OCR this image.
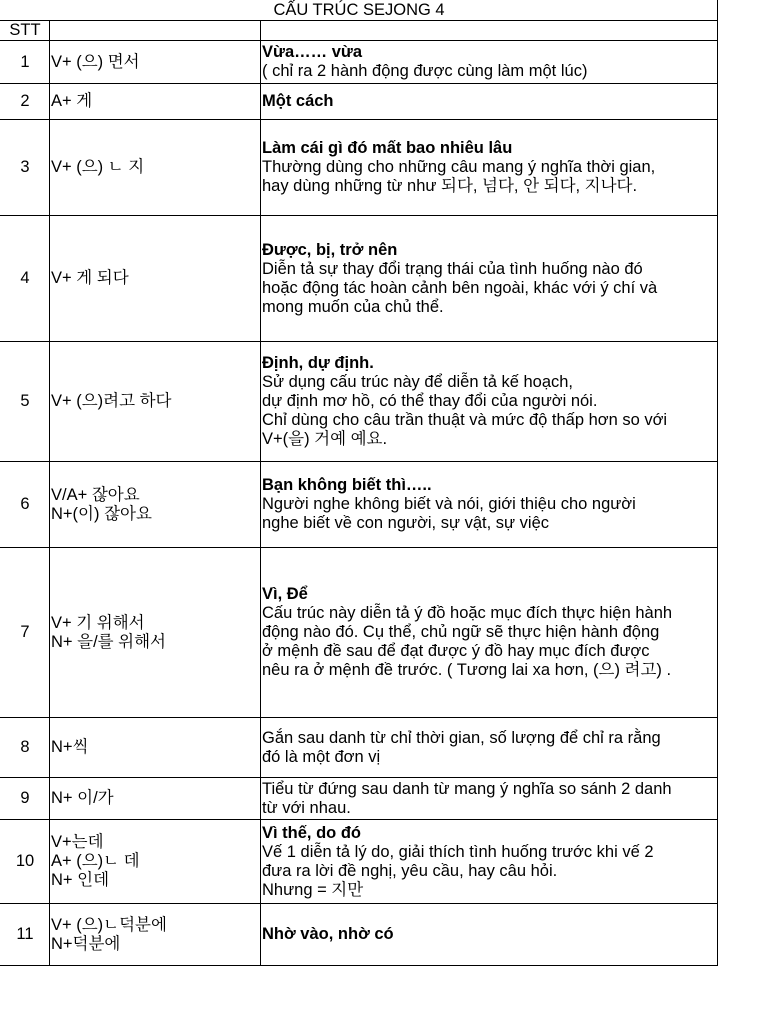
CẤU TRÚC SEJONG 4		
STT		
1	V+ (으) 면서	Vừa…… vừa
( chỉ ra 2 hành động được cùng làm một lúc)

2	A+ 게	Một cách

3	V+ (으) ㄴ 지	Làm cái gì đó mất bao nhiêu lâu
Thường dùng cho những câu mang ý nghĩa thời gian,
hay dùng những từ như 되다, 넘다, 안 되다, 지나다.

4	V+ 게 되다	Được, bị, trở nên
Diễn tả sự thay đổi trạng thái của tình huống nào đó
hoặc động tác hoàn cảnh bên ngoài, khác với ý chí và
mong muốn của chủ thể.

5	V+ (으)려고 하다	Định, dự định.
Sử dụng cấu trúc này để diễn tả kế hoạch,
dự định mơ hồ, có thể thay đổi của người nói.
Chỉ dùng cho câu trần thuật và mức độ thấp hơn so với
V+(을) 거예 예요.

6	V/A+ 잖아요
N+(이) 잖아요	Bạn không biết thì…..
Người nghe không biết và nói, giới thiệu cho người
nghe biết về con người, sự vật, sự việc

7	V+ 기 위해서
N+ 을/를 위해서	Vì, Để
Cấu trúc này diễn tả ý đồ hoặc mục đích thực hiện hành
động nào đó. Cụ thể, chủ ngữ sẽ thực hiện hành động
ở mệnh đề sau để đạt được ý đồ hay mục đích được
nêu ra ở mệnh đề trước. ( Tương lai xa hơn, (으) 려고) .

8	N+씩	Gắn sau danh từ chỉ thời gian, số lượng để chỉ ra rằng
đó là một đơn vị

9	N+ 이/가	Tiểu từ đứng sau danh từ mang ý nghĩa so sánh 2 danh
từ với nhau.

10	V+는데
A+ (으)ㄴ 데
N+ 인데	Vì thế, do đó
Vế 1 diễn tả lý do, giải thích tình huống trước khi vế 2
đưa ra lời đề nghị, yêu cầu, hay câu hỏi.
Nhưng = 지만

11	V+ (으)ㄴ덕분에
N+덕분에	Nhờ vào, nhờ có
